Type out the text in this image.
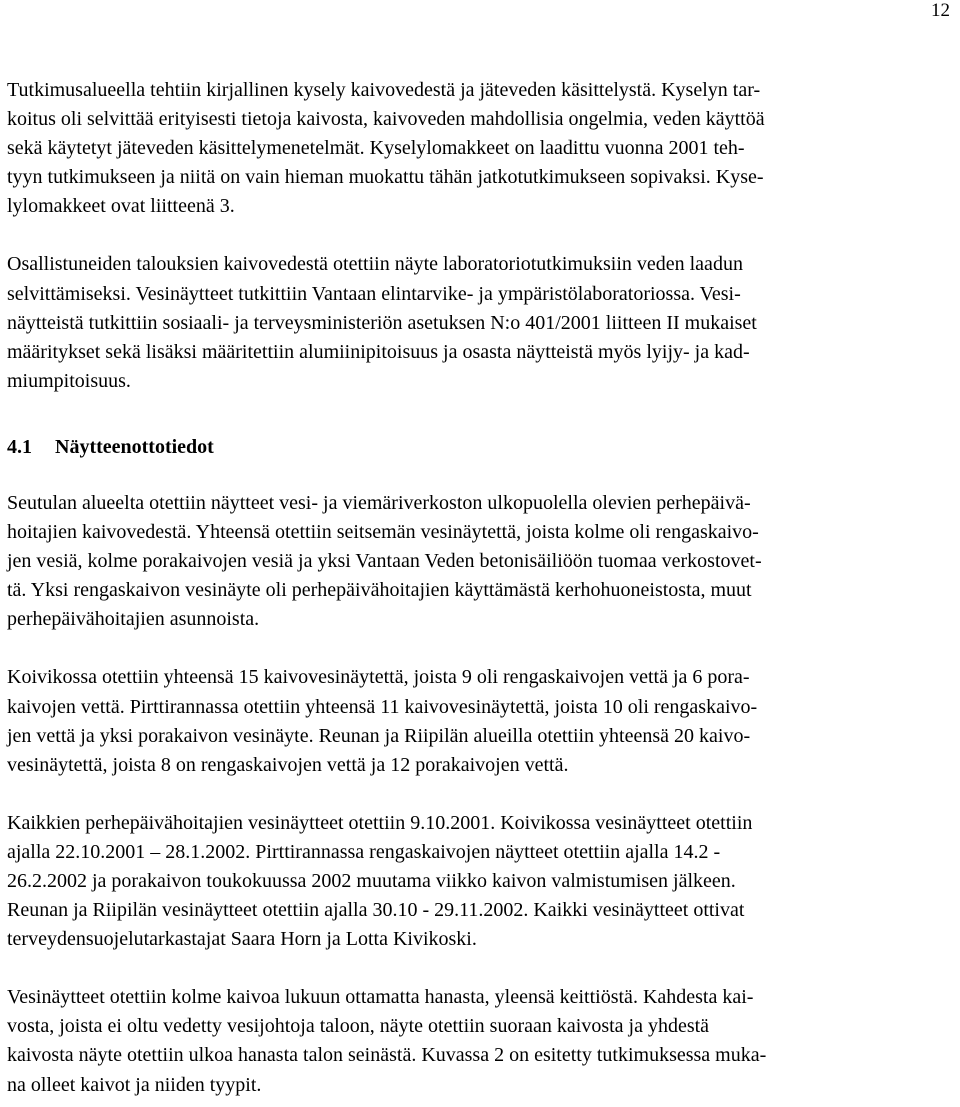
12

Tutkimusalueella tehtiin kirjallinen kysely kaivovedestä ja jäteveden käsittelystä. Kyselyn tar-
koitus oli selvittää erityisesti tietoja kaivosta, kaivoveden mahdollisia ongelmia, veden käyttöä
sekä käytetyt jäteveden käsittelymenetelmät. Kyselylomakkeet on laadittu vuonna 2001 teh-
tyyn tutkimukseen ja niitä on vain hieman muokattu tähän jatkotutkimukseen sopivaksi. Kyse-
lylomakkeet ovat liitteenä 3.

Osallistuneiden talouksien kaivovedestä otettiin näyte laboratoriotutkimuksiin veden laadun
selvittämiseksi. Vesinäytteet tutkittiin Vantaan elintarvike- ja ympäristölaboratoriossa. Vesi-
näytteistä tutkittiin sosiaali- ja terveysministeriön asetuksen N:o 401/2001 liitteen II mukaiset
määritykset sekä lisäksi määritettiin alumiinipitoisuus ja osasta näytteistä myös lyijy- ja kad-
miumpitoisuus.

4.1 Näytteenottotiedot

Seutulan alueelta otettiin näytteet vesi- ja viemäriverkoston ulkopuolella olevien perhepäivä-
hoitajien kaivovedestä. Yhteensä otettiin seitsemän vesinäytettä, joista kolme oli rengaskaivo-
jen vesiä, kolme porakaivojen vesiä ja yksi Vantaan Veden betonisäiliöön tuomaa verkostovet-
tä. Yksi rengaskaivon vesinäyte oli perhepäivähoitajien käyttämästä kerhohuoneistosta, muut
perhepäivähoitajien asunnoista.

Koivikossa otettiin yhteensä 15 kaivovesinäytettä, joista 9 oli rengaskaivojen vettä ja 6 pora-
kaivojen vettä. Pirttirannassa otettiin yhteensä 11 kaivovesinäytettä, joista 10 oli rengaskaivo-
jen vettä ja yksi porakaivon vesinäyte. Reunan ja Riipilän alueilla otettiin yhteensä 20 kaivo-
vesinäytettä, joista 8 on rengaskaivojen vettä ja 12 porakaivojen vettä.

Kaikkien perhepäivähoitajien vesinäytteet otettiin 9.10.2001. Koivikossa vesinäytteet otettiin
ajalla 22.10.2001 – 28.1.2002. Pirttirannassa rengaskaivojen näytteet otettiin ajalla 14.2 -
26.2.2002 ja porakaivon toukokuussa 2002 muutama viikko kaivon valmistumisen jälkeen.
Reunan ja Riipilän vesinäytteet otettiin ajalla 30.10 - 29.11.2002. Kaikki vesinäytteet ottivat
terveydensuojelutarkastajat Saara Horn ja Lotta Kivikoski.

Vesinäytteet otettiin kolme kaivoa lukuun ottamatta hanasta, yleensä keittiöstä. Kahdesta kai-
vosta, joista ei oltu vedetty vesijohtoja taloon, näyte otettiin suoraan kaivosta ja yhdestä
kaivosta näyte otettiin ulkoa hanasta talon seinästä. Kuvassa 2 on esitetty tutkimuksessa muka-
na olleet kaivot ja niiden tyypit.
